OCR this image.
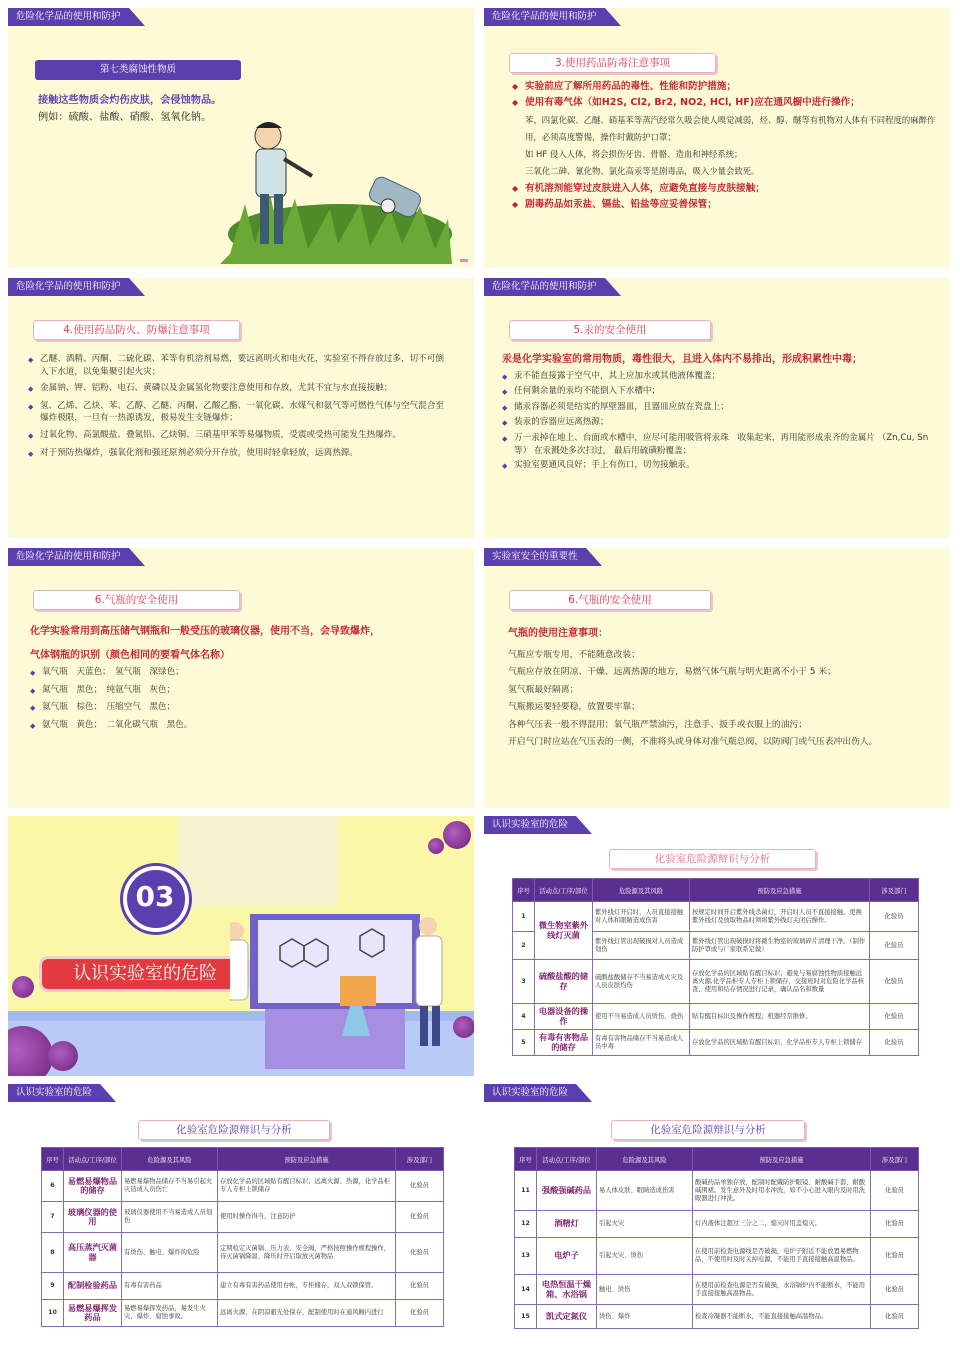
危险化学品的使用和防护
第七类腐蚀性物质
接触这些物质会灼伤皮肤，会侵蚀物品。
例如：硫酸、盐酸、硝酸、氢氧化钠。
危险化学品的使用和防护
3.使用药品防毒注意事项
◆ 实验前应了解所用药品的毒性、性能和防护措施；
◆ 使用有毒气体（如H2S, Cl2, Br2, NO2, HCl, HF)应在通风橱中进行操作；
苯、四氯化碳、乙醚、硝基苯等蒸汽经常久吸会使人嗅觉减弱，烃、醇、醚等有机物对人体有不同程度的麻醉作用，必须高度警惕，操作时戴防护口罩；
如 HF 侵入人体，将会损伤牙齿、骨骼、造血和神经系统；
三氧化二砷、氰化物、氯化高汞等是剧毒品，吸入少量会致死。
◆ 有机溶剂能穿过皮肤进入人体，应避免直接与皮肤接触；
◆ 剧毒药品如汞盐、镉盐、铅盐等应妥善保管；
危险化学品的使用和防护
4.使用药品防火、防爆注意事项
◆ 乙醚、酒精、丙酮、二硫化碳、苯等有机溶剂易燃，要远离明火和电火花，实验室不得存放过多，切不可倒入下水道，以免集聚引起火灾；
◆ 金属钠、钾、铝粉、电石、黄磷以及金属氢化物要注意使用和存放，尤其不宜与水直接接触；
◆ 氢、乙烯、乙炔、苯、乙醇、乙醚、丙酮、乙酸乙酯、一氧化碳、水煤气和氨气等可燃性气体与空气混合至爆炸极限，一旦有一热源诱发，极易发生支链爆炸；
◆ 过氧化物、高氯酸盐、叠氮铅、乙炔铜、三硝基甲苯等易爆物质，受震或受热可能发生热爆炸。
◆ 对于预防热爆炸，强氧化剂和强还原剂必须分开存放，使用时轻拿轻放，远离热源。
危险化学品的使用和防护
5.汞的安全使用
汞是化学实验室的常用物质，毒性很大，且进入体内不易排出，形成积累性中毒；
◆ 汞不能直接露于空气中，其上应加水或其他液体覆盖；
◆ 任何剩余量的汞均不能倒入下水槽中；
◆ 储汞容器必须是结实的厚壁器皿，且器皿应放在瓷盘上；
◆ 装汞的容器应远离热源；
◆ 万一汞掉在地上、台面或水槽中，应尽可能用吸管将汞珠　收集起来，再用能形成汞齐的金属片 （Zn,Cu, Sn等） 在汞溅处多次扫过， 最后用硫磺粉覆盖；
◆ 实验室要通风良好；手上有伤口，切勿接触汞。
危险化学品的使用和防护
6.气瓶的安全使用
化学实验常用到高压储气钢瓶和一般受压的玻璃仪器，使用不当，会导致爆炸，
气体钢瓶的识别（颜色相同的要看气体名称）
◆ 氧气瓶　天蓝色；　氢气瓶　深绿色；
◆ 氮气瓶　黑色；　纯氩气瓶　灰色；
◆ 氦气瓶　棕色；　压缩空气　黑色；
◆ 氨气瓶　黄色；　二氧化碳气瓶　黑色。
实验室安全的重要性
6.气瓶的安全使用
气瓶的使用注意事项：
气瓶应专瓶专用，不能随意改装；
气瓶应存放在阴凉、干燥、远离热源的地方，易燃气体气瓶与明火距离不小于 5 米；
氢气瓶最好隔离；
气瓶搬运要轻要稳，放置要牢靠；
各种气压表一般不得混用；氧气瓶严禁油污，注意手、扳手或衣服上的油污；
开启气门时应站在气压表的一侧，不准将头或身体对准气瓶总阀，以防阀门或气压表冲出伤人。
03
认识实验室的危险
认识实验室的危险
化验室危险源辩识与分析
序号	活动点/工序/部位	危险源及其风险	预防及应急措施	涉及部门
1	微生物室紫外线灯灭菌	紫外线灯开启时，人员直接接触对人体和眼睛造成伤害	按规定时间开启紫外线杀菌灯，开启时人员不直接接触。更换紫外线灯及放取物品时须将紫外线灯关闭后操作。	化验员
2		紫外线灯管出现破损对人员造成划伤	紫外线灯管出现破损时将微生物室的玻璃碎片清理干净。（制作防护罩或与厂家联系定做）	化验员
3	硫酸盐酸的储存	硫酸盐酸储存不当易造成火灾及人员皮肤灼伤	存放化学品的区域贴有醒目标识；避免与易腐蚀性物质接触远离火源,化学品柜专人专柜上锁储存，交接班时对危险化学品核查、使用和结存情况进行记录，确认品名和数量	化验员
4	电器设备的操作	使用不当易造成人员烫伤、烧伤	贴有醒目标识及操作规程；机器经常维修。	化验员
5	有毒有害物品的储存	有毒有害物品储存不当易造成人员中毒	存放化学品的区域贴有醒目标识，化学品柜专人专柜上锁储存	化验员
认识实验室的危险
化验室危险源辩识与分析
序号	活动点/工序/部位	危险源及其风险	预防及应急措施	涉及部门
6	易燃易爆物品的储存	易燃易爆物品储存不当易引起火灾造成人员伤亡	存放化学品的区域贴有醒目标识；远离火源、热源，化学品柜专人专柜上锁储存	化验员
7	玻璃仪器的使用	玻璃仪器使用不当易造成人员划伤	使用时操作得当，注意防护	化验员
8	高压蒸汽灭菌器	有烫伤、触电、爆炸的危险	定期检定灭菌锅、压力表、安全阀，严格按照操作规程操作，待灭菌锅降温、降压时开启取放灭菌物品	化验员
9	配制检验药品	有毒有害药品	建立有毒有害药品使用台帐，专柜储存，双人双锁保管。	化验员
10	易燃易爆挥发药品	易燃易爆挥发药品，易发生火灾、爆炸、腐蚀事故。	远离火源，在阴凉避光处保存，配制使用时在通风橱内进行	化验员
认识实验室的危险
化验室危险源辩识与分析
序号	活动点/工序/部位	危险源及其风险	预防及应急措施	涉及部门
11	强酸强碱药品	易人体皮肤、眼睛造成伤害	酸碱药品单独存放，配制时配戴防护眼镜、耐酸碱手套、耐酸碱围裙。发生意外及时用水冲洗，如不小心进入眼内及时用洗眼器进行冲洗。	化验员
12	酒精灯	引起火灾	灯内液体注超过三分之二，熄灭时用盖熄灭。	化验员
13	电炉子	引起火灾、烫伤	在使用前检查电源线是否破损，电炉子附近不能放置易燃物品，不使用时及时关掉电源，不能用手直接接触高温物品。	化验员
14	电热恒温干燥箱、水浴锅	触电、烫伤	在使用前检查电源是否有破损，水浴锅炉内不能断水，不能用手直接接触高温物品。	化验员
15	凯式定氮仪	烫伤、爆炸	检查冷凝器不能断水，不能直接接触高温物品。	化验员
